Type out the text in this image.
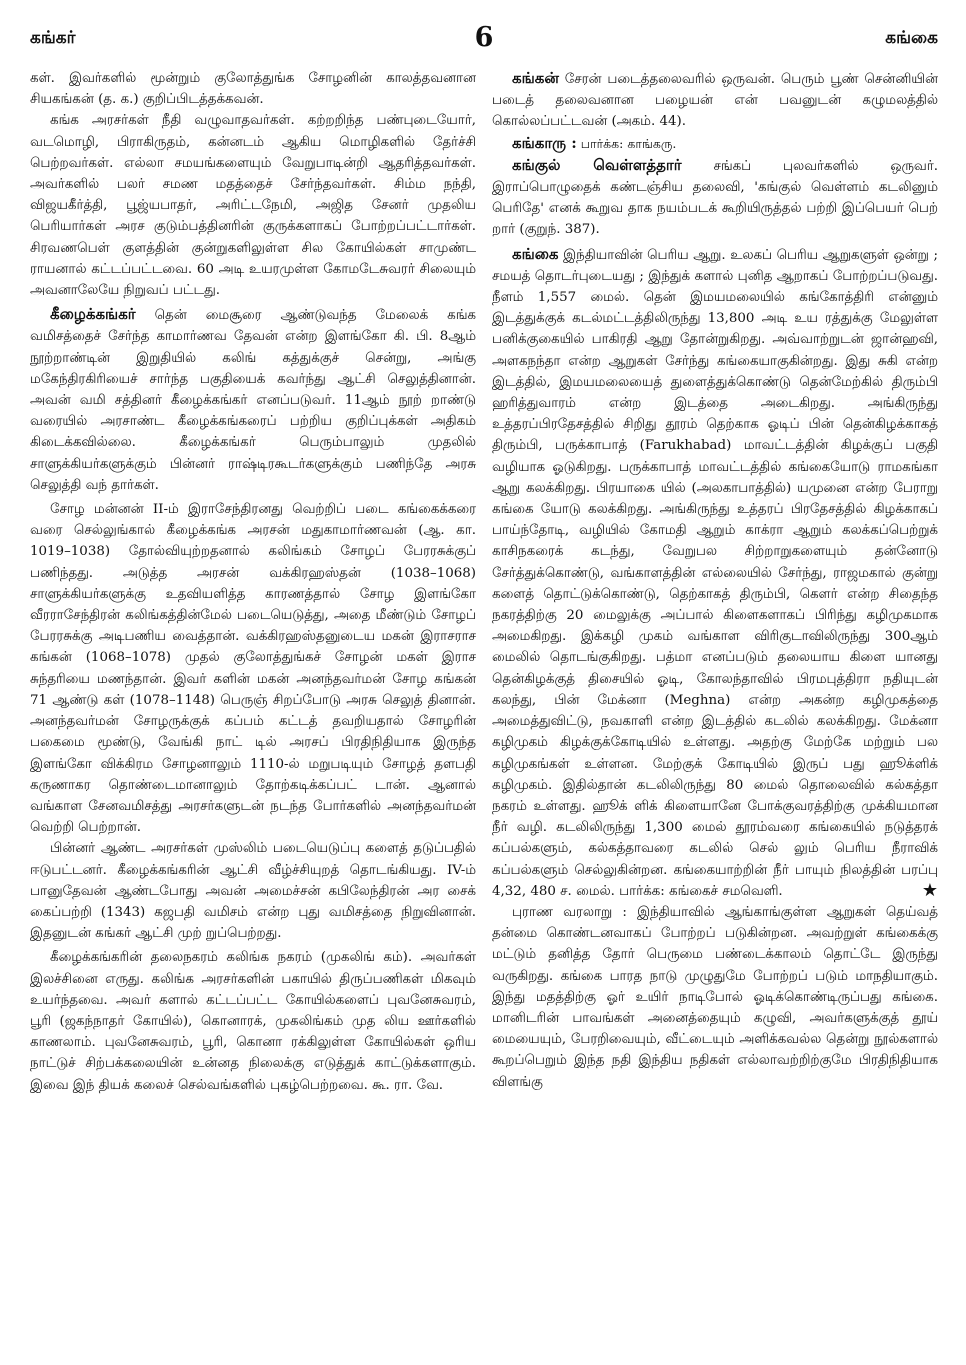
கங்கர்	6	கங்கை

கள். இவர்களில் மூன்றும் குலோத்துங்க சோழனின் காலத்தவனான சியகங்கன் (த. க.) குறிப்பிடத்தக்கவன்.

கங்க அரசர்கள் நீதி வழுவாதவர்கள். கற்றறிந்த பண்புடையோர், வடமொழி, பிராகிருதம், கன்னடம் ஆகிய மொழிகளில் தேர்ச்சி பெற்றவர்கள். எல்லா சமயங்களையும் வேறுபாடின்றி ஆதரித்தவர்கள். அவர்களில் பலர் சமண மதத்தைச் சேர்ந்தவர்கள். சிம்ம நந்தி, விஜயகீர்த்தி, பூஜ்யபாதர், அரிட்டநேமி, அஜித சேனர் முதலிய பெரியார்கள் அரச குடும்பத்தினரின் குருக்களாகப் போற்றப்பட்டார்கள். சிரவணபெள் குளத்தின் குன்றுகளிலுள்ள சில கோயில்கள் சாமுண்ட ராயனால் கட்டப்பட்டவை. 60 அடி உயரமுள்ள கோமடேசுவரர் சிலையும் அவனாலேயே நிறுவப் பட்டது.

கீழைக்கங்கர் தென் மைசூரை ஆண்டுவந்த மேலைக் கங்க வமிசத்தைச் சேர்ந்த காமார்ணவ தேவன் என்ற இளங்கோ கி. பி. 8ஆம் நூற்றாண்டின் இறுதியில் கலிங் கத்துக்குச் சென்று, அங்கு மகேந்திரகிரியைச் சார்ந்த பகுதியைக் கவர்ந்து ஆட்சி செலுத்தினான். அவன் வமி சத்தினர் கீழைக்கங்கர் எனப்படுவர். 11ஆம் நூற் றாண்டு வரையில் அரசாண்ட கீழைக்கங்கரைப் பற்றிய குறிப்புக்கள் அதிகம் கிடைக்கவில்லை. கீழைக்கங்கர் பெரும்பாலும் முதலில் சாளுக்கியர்களுக்கும் பின்னர் ராஷ்டிரகூடர்களுக்கும் பணிந்தே அரசு செலுத்தி வந் தார்கள்.

சோழ மன்னன் II-ம் இராசேந்திரனது வெற்றிப் படை கங்கைக்கரை வரை செல்லுங்கால் கீழைக்கங்க அரசன் மதுகாமார்ணவன் (ஆ. கா. 1019–1038) தோல்வியுற்றதனால் கலிங்கம் சோழப் பேரரசுக்குப் பணிந்தது. அடுத்த அரசன் வக்கிரஹஸ்தன் (1038–1068) சாளுக்கியர்களுக்கு உதவியளித்த காரணத்தால் சோழ இளங்கோ வீரராசேந்திரன் கலிங்கத்தின்மேல் படையெடுத்து, அதை மீண்டும் சோழப் பேரரசுக்கு அடிபணிய வைத்தான். வக்கிரஹஸ்தனுடைய மகன் இராசராச கங்கன் (1068–1078) முதல் குலோத்துங்கச் சோழன் மகள் இராச சுந்தரியை மணந்தான். இவர் களின் மகன் அனந்தவர்மன் சோழ கங்கன் 71 ஆண்டு கள் (1078–1148) பெருஞ் சிறப்போடு அரசு செலுத் தினான். அனந்தவர்மன் சோழருக்குக் கப்பம் கட்டத் தவறியதால் சோழரின் பகைமை மூண்டு, வேங்கி நாட் டில் அரசப் பிரதிநிதியாக இருந்த இளங்கோ விக்கிரம சோழனாலும் 1110-ல் மறுபடியும் சோழத் தளபதி கருணாகர தொண்டைமானாலும் தோற்கடிக்கப்பட் டான். ஆனால் வங்காள சேனவமிசத்து அரசர்களுடன் நடந்த போர்களில் அனந்தவர்மன் வெற்றி பெற்றான்.

பின்னர் ஆண்ட அரசர்கள் முஸ்லிம் படையெடுப்பு களைத் தடுப்பதில் ஈடுபட்டனர். கீழைக்கங்கரின் ஆட்சி வீழ்ச்சியுறத் தொடங்கியது. IV-ம் பானுதேவன் ஆண்டபோது அவன் அமைச்சன் கபிலேந்திரன் அர சைக் கைப்பற்றி (1343) கஜபதி வமிசம் என்ற புது வமிசத்தை நிறுவினான். இதனுடன் கங்கர் ஆட்சி முற் றுப்பெற்றது.

கீழைக்கங்கரின் தலைநகரம் கலிங்க நகரம் (முகலிங் கம்). அவர்கள் இலச்சினை எருது. கலிங்க அரசர்களின் பகாயில் திருப்பணிகள் மிகவும் உயர்ந்தவை. அவர் களால் கட்டப்பட்ட கோயில்களைப் புவனேசுவரம், பூரி (ஜகந்நாதர் கோயில்), கொனாரக், முகலிங்கம் முத லிய ஊர்களில் காணலாம். புவனேசுவரம், பூரி, கொனா ரக்கிலுள்ள கோயில்கள் ஒரிய நாட்டுச் சிற்பக்கலையின் உன்னத நிலைக்கு எடுத்துக் காட்டுக்களாகும். இவை இந் தியக் கலைச் செல்வங்களில் புகழ்பெற்றவை. கூ. ரா. வே.

கங்கன் சேரன் படைத்தலைவரில் ஒருவன். பெரும் பூண் சென்னியின் படைத் தலைவனான பழையன் என் பவனுடன் கழுமலத்தில் கொல்லப்பட்டவன் (அகம். 44).

கங்காரு : பார்க்க: காங்கரு.

கங்குல் வெள்ளத்தார் சங்கப் புலவர்களில் ஒருவர். இராப்பொழுதைக் கண்டஞ்சிய தலைவி, 'கங்குல் வெள்ளம் கடலினும் பெரிதே' எனக் கூறுவ தாக நயம்படக் கூறியிருத்தல் பற்றி இப்பெயர் பெற் றார் (குறுந். 387).

கங்கை இந்தியாவின் பெரிய ஆறு. உலகப் பெரிய ஆறுகளுள் ஒன்று ; சமயத் தொடர்புடையது ; இந்துக் களால் புனித ஆறாகப் போற்றப்படுவது. நீளம் 1,557 மைல். தென் இமயமலையில் கங்கோத்திரி என்னும் இடத்துக்குக் கடல்மட்டத்திலிருந்து 13,800 அடி உய ரத்துக்கு மேலுள்ள பனிக்குகையில் பாகிரதி ஆறு தோன்றுகிறது. அவ்வாற்றுடன் ஜான்ஹவி, அளகநந்தா என்ற ஆறுகள் சேர்ந்து கங்கையாகுகின்றது. இது சுகி என்ற இடத்தில், இமயமலையைத் துளைத்துக்கொண்டு தென்மேற்கில் திரும்பி ஹரித்துவாரம் என்ற இடத்தை அடைகிறது. அங்கிருந்து உத்தரப்பிரதேசத்தில் சிறிது தூரம் தெற்காக ஓடிப் பின் தென்கிழக்காகத் திரும்பி, பருக்காபாத் (Farukhabad) மாவட்டத்தின் கிழக்குப் பகுதி வழியாக ஓடுகிறது. பருக்காபாத் மாவட்டத்தில் கங்கையோடு ராமகங்கா ஆறு கலக்கிறது. பிரயாகை யில் (அலகாபாத்தில்) யமுனை என்ற பேராறு கங்கை யோடு கலக்கிறது. அங்கிருந்து உத்தரப் பிரதேசத்தில் கிழக்காகப் பாய்ந்தோடி, வழியில் கோமதி ஆறும் காக்ரா ஆறும் கலக்கப்பெற்றுக் காசிநகரைக் கடந்து, வேறுபல சிற்றாறுகளையும் தன்னோடு சேர்த்துக்கொண்டு, வங்காளத்தின் எல்லையில் சேர்ந்து, ராஜமகால் குன்று களைத் தொட்டுக்கொண்டு, தெற்காகத் திரும்பி, கௌர் என்ற சிதைந்த நகரத்திற்கு 20 மைலுக்கு அப்பால் கிளைகளாகப் பிரிந்து கழிமுகமாக அமைகிறது. இக்கழி முகம் வங்காள விரிகுடாவிலிருந்து 300ஆம் மைலில் தொடங்குகிறது. பத்மா எனப்படும் தலையாய கிளை யானது தென்கிழக்குத் திசையில் ஓடி, கோலந்தாவில் பிரமபுத்திரா நதியுடன் கலந்து, பின் மேக்னா (Meghna) என்ற அகன்ற கழிமுகத்தை அமைத்துவிட்டு, நவகாளி என்ற இடத்தில் கடலில் கலக்கிறது. மேக்னா கழிமுகம் கிழக்குக்கோடியில் உள்ளது. அதற்கு மேற்கே மற்றும் பல கழிமுகங்கள் உள்ளன. மேற்குக் கோடியில் இருப் பது ஹூக்ளிக் கழிமுகம். இதில்தான் கடலிலிருந்து 80 மைல் தொலைவில் கல்கத்தா நகரம் உள்ளது. ஹூக் ளிக் கிளையானே போக்குவரத்திற்கு முக்கியமான நீர் வழி. கடலிலிருந்து 1,300 மைல் தூரம்வரை கங்கையில் நடுத்தரக் கப்பல்களும், கல்கத்தாவரை கடலில் செல் லும் பெரிய நீராவிக் கப்பல்களும் செல்லுகின்றன. கங்கையாற்றின் நீர் பாயும் நிலத்தின் பரப்பு 4,32, 480 ச. மைல். பார்க்க: கங்கைச் சமவெளி.	★

புராண வரலாறு : இந்தியாவில் ஆங்காங்குள்ள ஆறுகள் தெய்வத் தன்மை கொண்டனவாகப் போற்றப் படுகின்றன. அவற்றுள் கங்கைக்கு மட்டும் தனித்த தோர் பெருமை பண்டைக்காலம் தொட்டே இருந்து வருகிறது. கங்கை பாரத நாடு முழுதுமே போற்றப் படும் மாநதியாகும். இந்து மதத்திற்கு ஓர் உயிர் நாடிபோல் ஓடிக்கொண்டிருப்பது கங்கை. மானிடரின் பாவங்கள் அனைத்தையும் கழுவி, அவர்களுக்குத் தூய் மையையும், பேரறிவையும், வீட்டையும் அளிக்கவல்ல தென்று நூல்களால் கூறப்பெறும் இந்த நதி இந்திய நதிகள் எல்லாவற்றிற்குமே பிரதிநிதியாக விளங்கு
